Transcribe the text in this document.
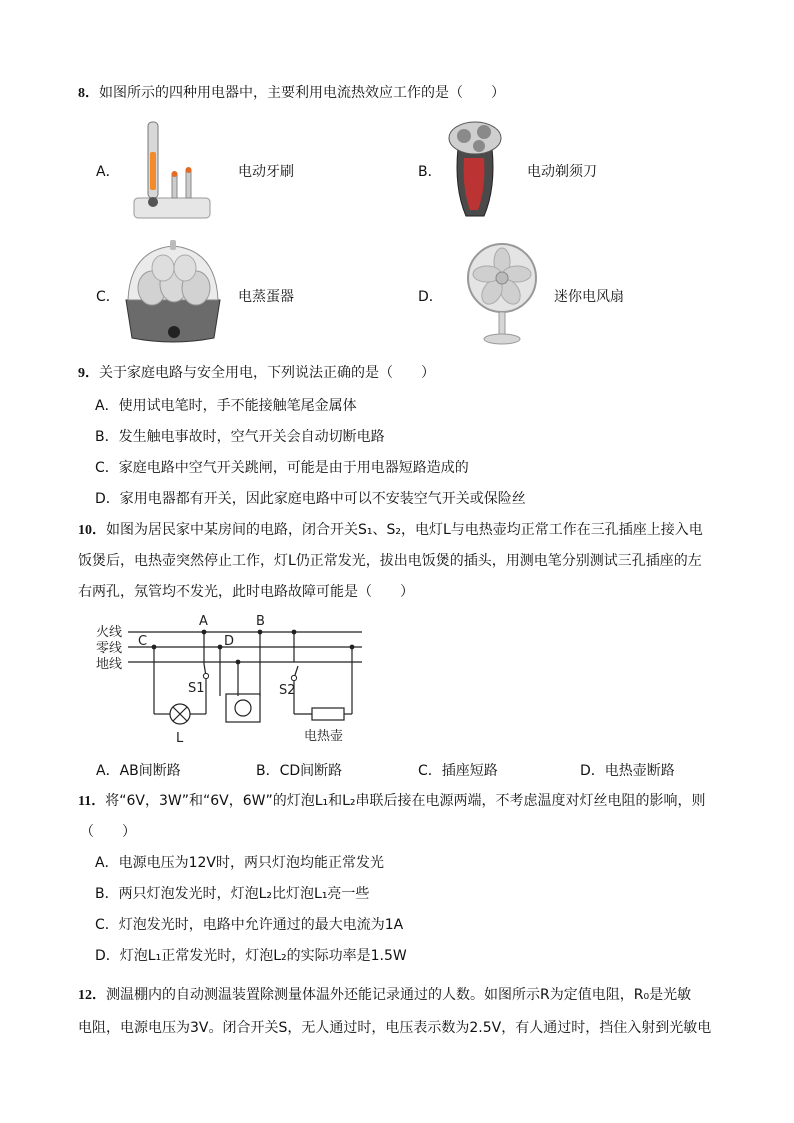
8．如图所示的四种用电器中，主要利用电流热效应工作的是（　　）
A．	电动牙刷	B．	电动剃须刀
C．	电蒸蛋器	D．	迷你电风扇
9．关于家庭电路与安全用电，下列说法正确的是（　　）
A．使用试电笔时，手不能接触笔尾金属体
B．发生触电事故时，空气开关会自动切断电路
C．家庭电路中空气开关跳闸，可能是由于用电器短路造成的
D．家用电器都有开关，因此家庭电路中可以不安装空气开关或保险丝
10．如图为居民家中某房间的电路，闭合开关S₁、S₂，电灯L与电热壶均正常工作在三孔插座上接入电
饭煲后，电热壶突然停止工作，灯L仍正常发光，拔出电饭煲的插头，用测电笔分别测试三孔插座的左
右两孔，氖管均不发光，此时电路故障可能是（　　）
火线
零线
地线
A	B
C	D
S1	S2
L	电热壶
A．AB间断路	B．CD间断路	C．插座短路	D．电热壶断路
11．将“6V，3W”和“6V，6W”的灯泡L₁和L₂串联后接在电源两端，不考虑温度对灯丝电阻的影响，则
（　　）
A．电源电压为12V时，两只灯泡均能正常发光
B．两只灯泡发光时，灯泡L₂比灯泡L₁亮一些
C．灯泡发光时，电路中允许通过的最大电流为1A
D．灯泡L₁正常发光时，灯泡L₂的实际功率是1.5W
12．测温棚内的自动测温装置除测量体温外还能记录通过的人数。如图所示R为定值电阻，R₀是光敏
电阻，电源电压为3V。闭合开关S，无人通过时，电压表示数为2.5V，有人通过时，挡住入射到光敏电
